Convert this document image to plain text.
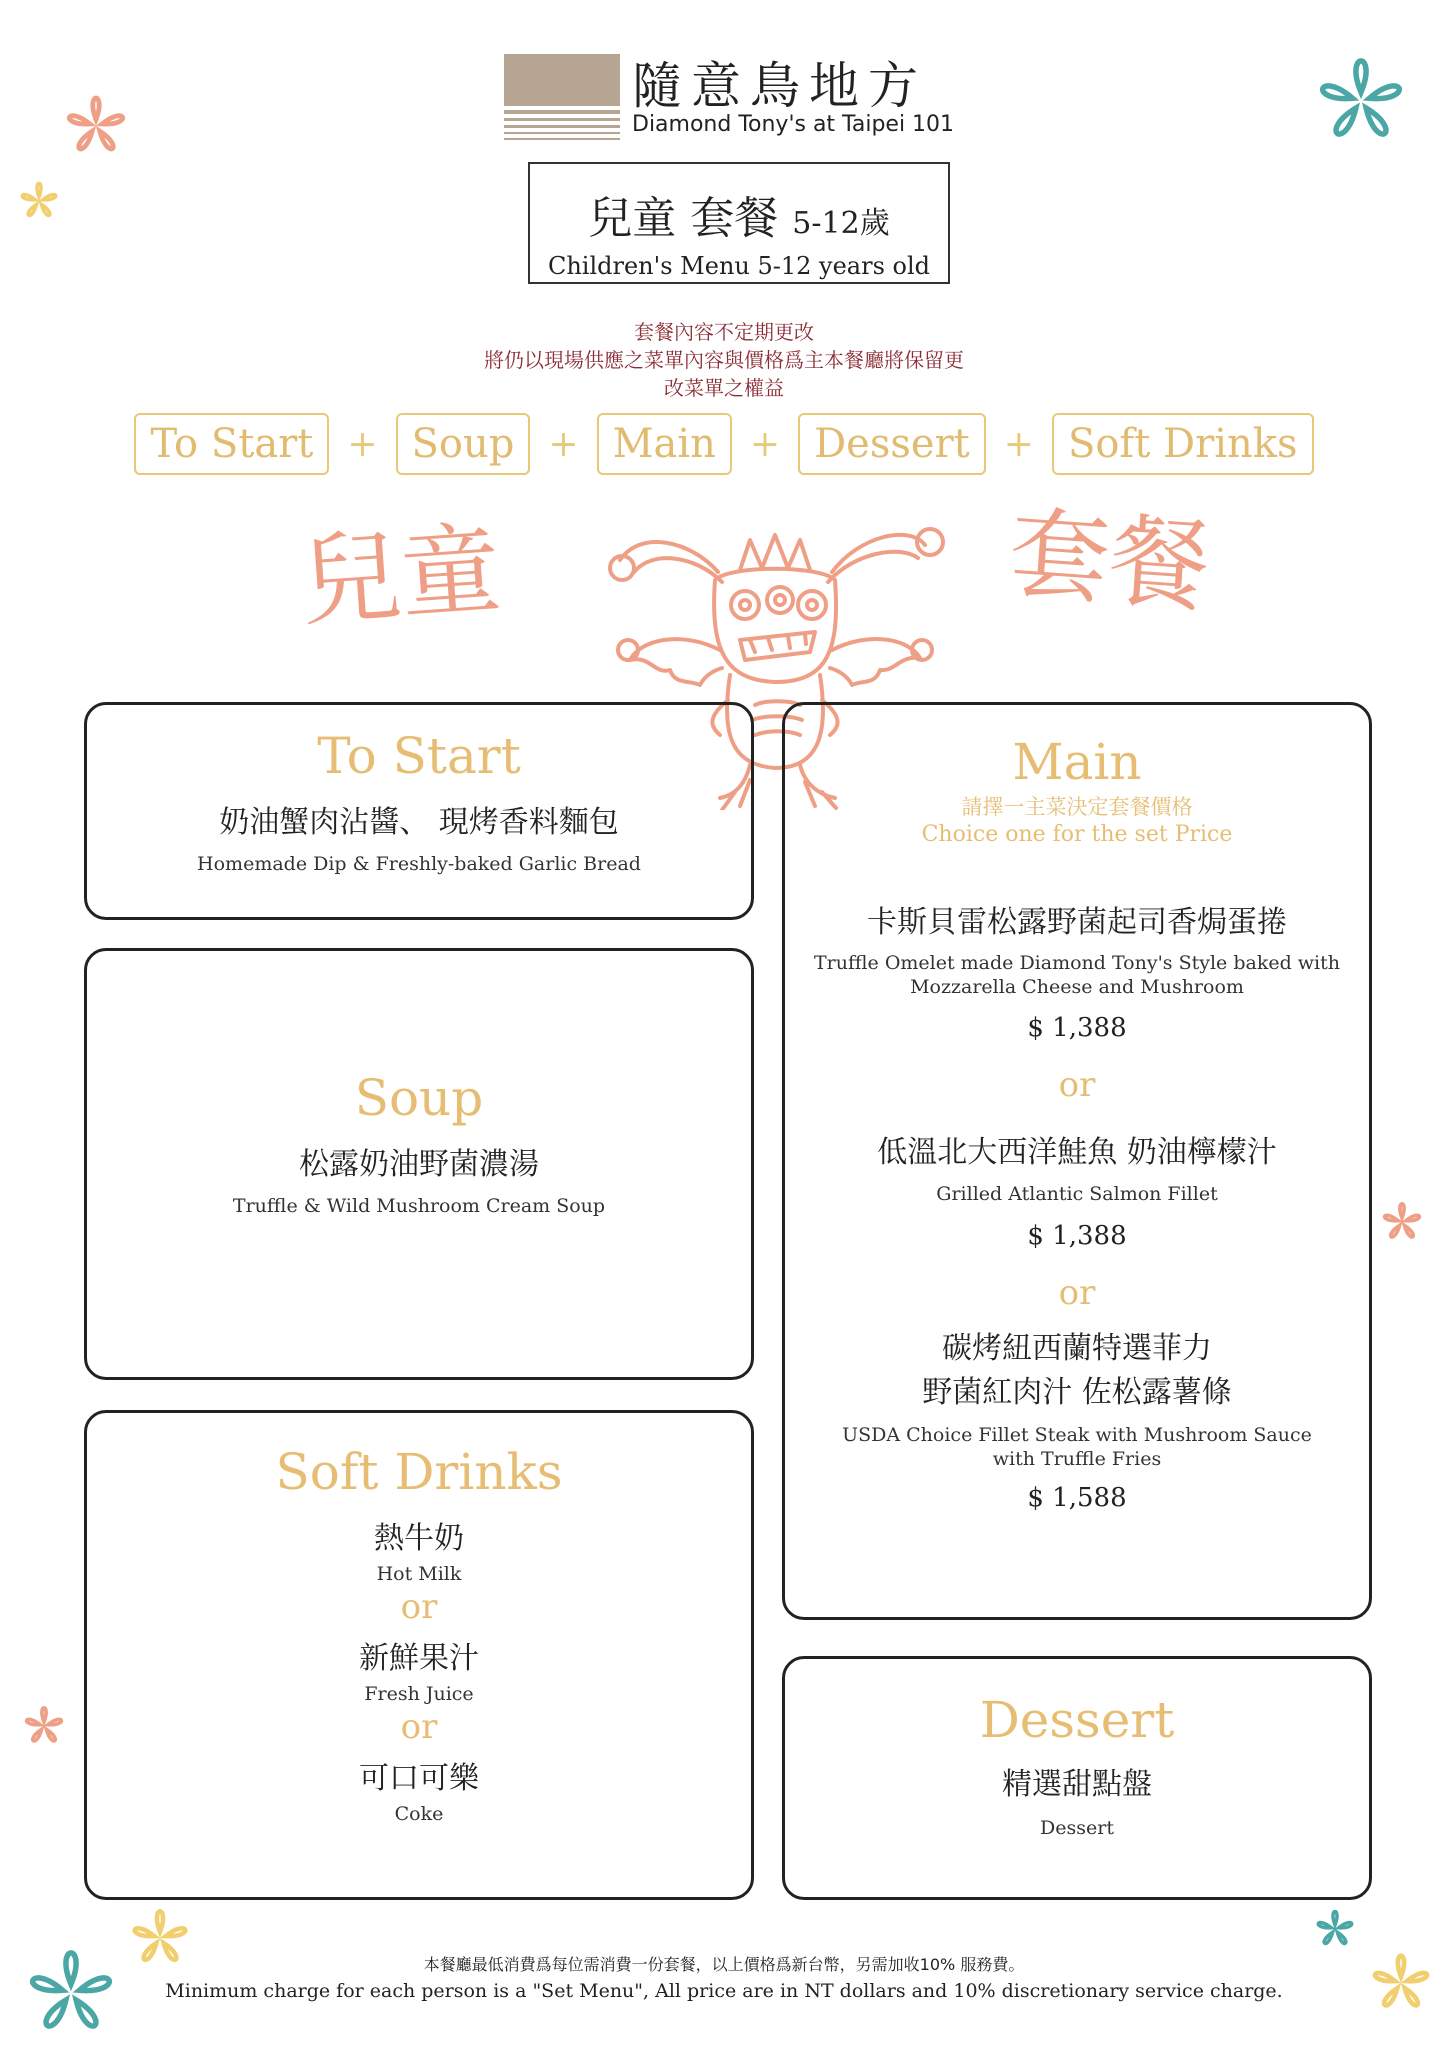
隨意鳥地方
Diamond Tony's at Taipei 101
兒童 套餐 5-12歲
Children's Menu 5-12 years old
套餐內容不定期更改
將仍以現場供應之菜單內容與價格爲主本餐廳將保留更
改菜單之權益
To Start + Soup + Main + Dessert + Soft Drinks
兒童	套餐
To Start
奶油蟹肉沾醬、 現烤香料麵包
Homemade Dip & Freshly-baked Garlic Bread
Soup
松露奶油野菌濃湯
Truffle & Wild Mushroom Cream Soup
Soft Drinks
熱牛奶
Hot Milk
or
新鮮果汁
Fresh Juice
or
可口可樂
Coke
Main
請擇一主菜決定套餐價格
Choice one for the set Price
卡斯貝雷松露野菌起司香焗蛋捲
Truffle Omelet made Diamond Tony's Style baked with
Mozzarella Cheese and Mushroom
$ 1,388
or
低溫北大西洋鮭魚 奶油檸檬汁
Grilled Atlantic Salmon Fillet
$ 1,388
or
碳烤紐西蘭特選菲力
野菌紅肉汁 佐松露薯條
USDA Choice Fillet Steak with Mushroom Sauce
with Truffle Fries
$ 1,588
Dessert
精選甜點盤
Dessert
本餐廳最低消費爲每位需消費一份套餐，以上價格爲新台幣，另需加收10% 服務費。
Minimum charge for each person is a "Set Menu", All price are in NT dollars and 10% discretionary service charge.
